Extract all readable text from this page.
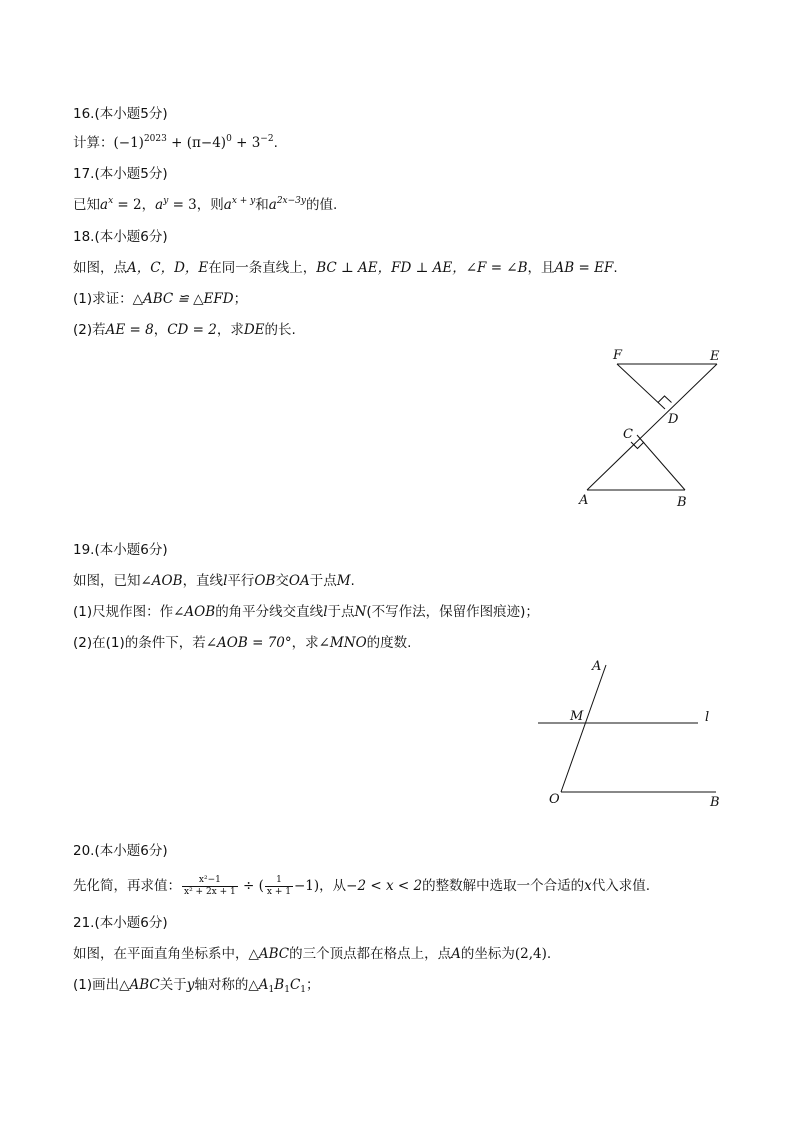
16.(本小题5分)
计算：$(-1)^{2023} + (\pi-4)^0 + 3^{-2}$.
17.(本小题5分)
已知$a^x = 2$，$a^y = 3$，则$a^{x + y}$和$a^{2x-3y}$的值.
18.(本小题6分)
如图，点A，C，D，E在同一条直线上，BC ⊥ AE，FD ⊥ AE，∠F = ∠B，且AB = EF.
(1)求证：△ABC ≌ △EFD；
(2)若AE = 8，CD = 2，求DE的长.
F	E
D
C
A	B
19.(本小题6分)
如图，已知∠AOB，直线l平行OB交OA于点M.
(1)尺规作图：作∠AOB的角平分线交直线l于点N(不写作法，保留作图痕迹)；
(2)在(1)的条件下，若∠AOB = 70°，求∠MNO的度数.
A
M	l
O	B
20.(本小题6分)
先化简，再求值： $\frac{\text{x²−1}}{\text{x² + 2x + 1}}$ ÷ ( $\frac{1}{x + 1} -1$)，从−2 < x < 2的整数解中选取一个合适的x代入求值.
21.(本小题6分)
如图，在平面直角坐标系中，△ABC的三个顶点都在格点上，点A的坐标为(2,4).
(1)画出△ABC关于y轴对称的$\triangle A_1B_1C_1$；
